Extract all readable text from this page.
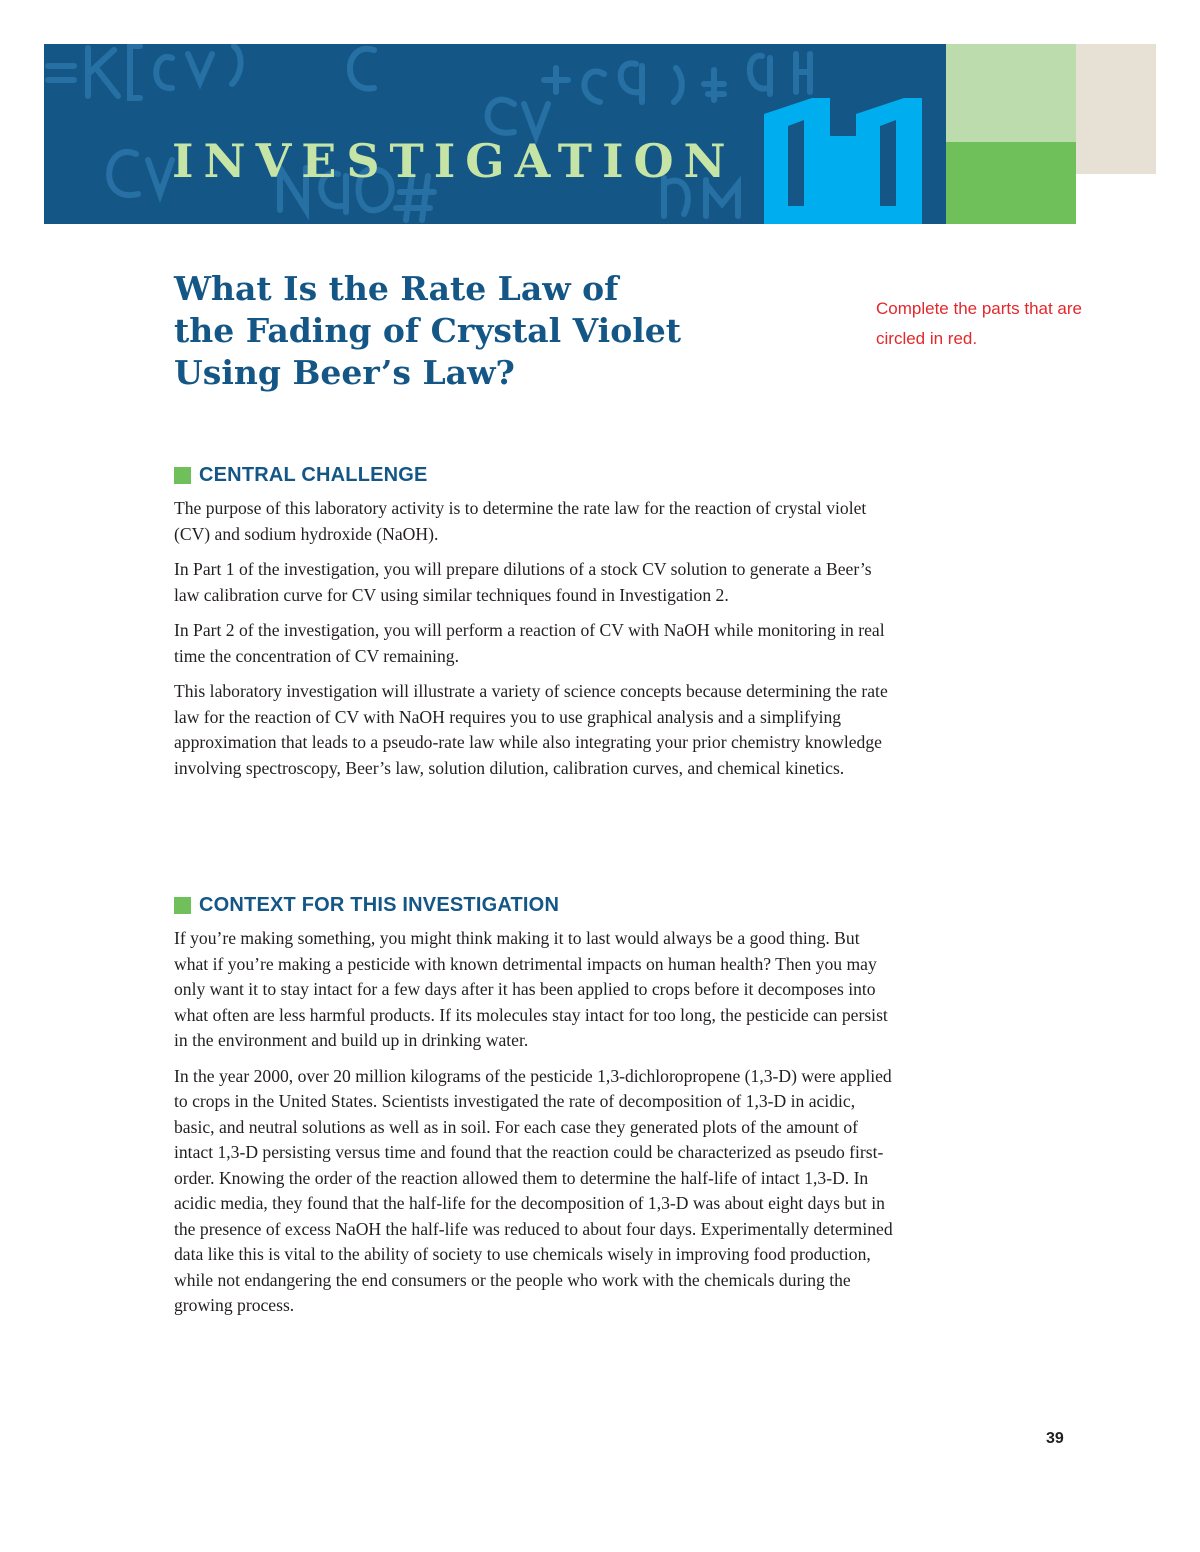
INVESTIGATION
What Is the Rate Law of
the Fading of Crystal Violet
Using Beer’s Law?
Complete the parts that are circled in red.
CENTRAL CHALLENGE

The purpose of this laboratory activity is to determine the rate law for the reaction of crystal violet (CV) and sodium hydroxide (NaOH).

In Part 1 of the investigation, you will prepare dilutions of a stock CV solution to generate a Beer’s law calibration curve for CV using similar techniques found in Investigation 2.

In Part 2 of the investigation, you will perform a reaction of CV with NaOH while monitoring in real time the concentration of CV remaining.

This laboratory investigation will illustrate a variety of science concepts because determining the rate law for the reaction of CV with NaOH requires you to use graphical analysis and a simplifying approximation that leads to a pseudo-rate law while also integrating your prior chemistry knowledge involving spectroscopy, Beer’s law, solution dilution, calibration curves, and chemical kinetics.

CONTEXT FOR THIS INVESTIGATION

If you’re making something, you might think making it to last would always be a good thing. But what if you’re making a pesticide with known detrimental impacts on human health? Then you may only want it to stay intact for a few days after it has been applied to crops before it decomposes into what often are less harmful products. If its molecules stay intact for too long, the pesticide can persist in the environment and build up in drinking water.

In the year 2000, over 20 million kilograms of the pesticide 1,3-dichloropropene (1,3-D) were applied to crops in the United States. Scientists investigated the rate of decomposition of 1,3-D in acidic, basic, and neutral solutions as well as in soil. For each case they generated plots of the amount of intact 1,3-D persisting versus time and found that the reaction could be characterized as pseudo first-order. Knowing the order of the reaction allowed them to determine the half-life of intact 1,3-D. In acidic media, they found that the half-life for the decomposition of 1,3-D was about eight days but in the presence of excess NaOH the half-life was reduced to about four days. Experimentally determined data like this is vital to the ability of society to use chemicals wisely in improving food production, while not endangering the end consumers or the people who work with the chemicals during the growing process.

39
